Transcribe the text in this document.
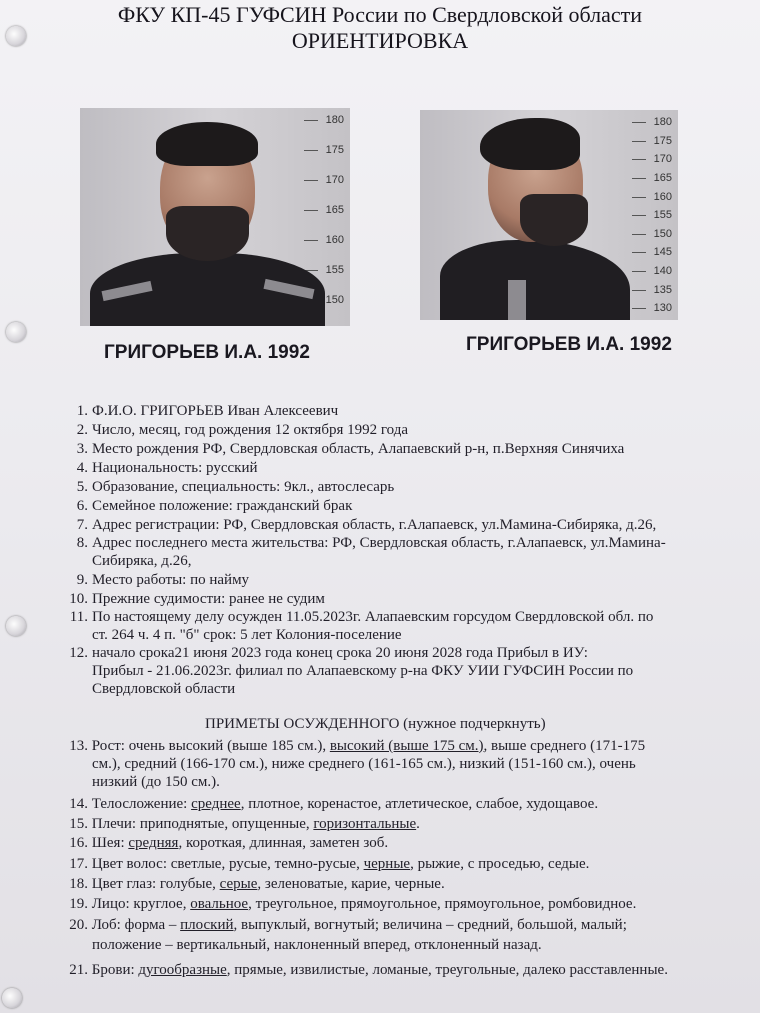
ФКУ КП-45 ГУФСИН России по Свердловской области
ОРИЕНТИРОВКА
180
175
170
165
160
155
150
ГРИГОРЬЕВ И.А. 1992
180
175
170
165
160
155
150
145
140
135
130
ГРИГОРЬЕВ И.А. 1992
1. Ф.И.О. ГРИГОРЬЕВ Иван Алексеевич
2. Число, месяц, год рождения 12 октября 1992 года
3. Место рождения РФ, Свердловская область, Алапаевский р-н, п.Верхняя Синячиха
4. Национальность: русский
5. Образование, специальность: 9кл., автослесарь
6. Семейное положение: гражданский брак
7. Адрес регистрации: РФ, Свердловская область, г.Алапаевск, ул.Мамина-Сибиряка, д.26,
8. Адрес последнего места жительства: РФ, Свердловская область, г.Алапаевск, ул.Мамина-
Сибиряка, д.26,
9. Место работы: по найму
10. Прежние судимости: ранее не судим
11. По настоящему делу осужден 11.05.2023г. Алапаевским горсудом Свердловской обл. по
ст. 264 ч. 4 п. "б" срок: 5 лет Колония-поселение
12. начало срока21 июня 2023 года конец срока 20 июня 2028 года Прибыл в ИУ:
Прибыл - 21.06.2023г. филиал по Алапаевскому р-на ФКУ УИИ ГУФСИН России по
Свердловской области
ПРИМЕТЫ ОСУЖДЕННОГО (нужное подчеркнуть)
13. Рост: очень высокий (выше 185 см.), высокий (выше 175 см.), выше среднего (171-175
см.), средний (166-170 см.), ниже среднего (161-165 см.), низкий (151-160 см.), очень
низкий (до 150 см.).
14. Телосложение: среднее, плотное, коренастое, атлетическое, слабое, худощавое.
15. Плечи: приподнятые, опущенные, горизонтальные.
16. Шея: средняя, короткая, длинная, заметен зоб.
17. Цвет волос: светлые, русые, темно-русые, черные, рыжие, с проседью, седые.
18. Цвет глаз: голубые, серые, зеленоватые, карие, черные.
19. Лицо: круглое, овальное, треугольное, прямоугольное, прямоугольное, ромбовидное.
20. Лоб: форма – плоский, выпуклый, вогнутый; величина – средний, большой, малый;
положение – вертикальный, наклоненный вперед, отклоненный назад.
21. Брови: дугообразные, прямые, извилистые, ломаные, треугольные, далеко расставленные.
